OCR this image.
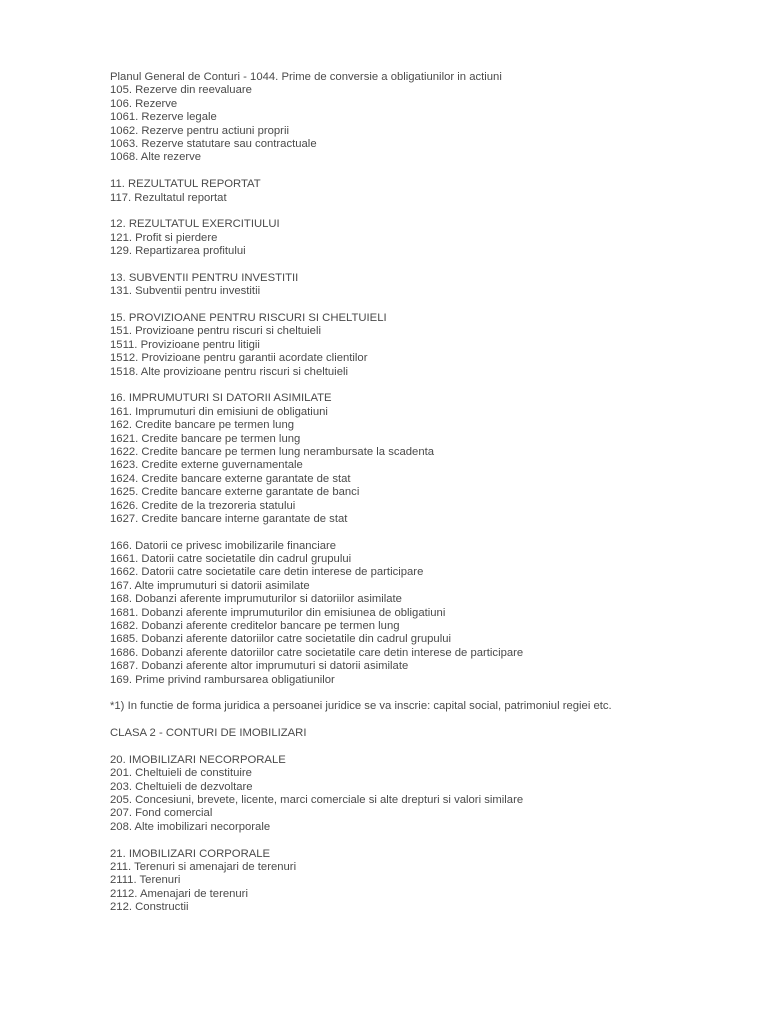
Planul General de Conturi - 1044. Prime de conversie a obligatiunilor in actiuni
105. Rezerve din reevaluare
106. Rezerve
1061. Rezerve legale
1062. Rezerve pentru actiuni proprii
1063. Rezerve statutare sau contractuale
1068. Alte rezerve
11. REZULTATUL REPORTAT
117. Rezultatul reportat
12. REZULTATUL EXERCITIULUI
121. Profit si pierdere
129. Repartizarea profitului
13. SUBVENTII PENTRU INVESTITII
131. Subventii pentru investitii
15. PROVIZIOANE PENTRU RISCURI SI CHELTUIELI
151. Provizioane pentru riscuri si cheltuieli
1511. Provizioane pentru litigii
1512. Provizioane pentru garantii acordate clientilor
1518. Alte provizioane pentru riscuri si cheltuieli
16. IMPRUMUTURI SI DATORII ASIMILATE
161. Imprumuturi din emisiuni de obligatiuni
162. Credite bancare pe termen lung
1621. Credite bancare pe termen lung
1622. Credite bancare pe termen lung nerambursate la scadenta
1623. Credite externe guvernamentale
1624. Credite bancare externe garantate de stat
1625. Credite bancare externe garantate de banci
1626. Credite de la trezoreria statului
1627. Credite bancare interne garantate de stat
166. Datorii ce privesc imobilizarile financiare
1661. Datorii catre societatile din cadrul grupului
1662. Datorii catre societatile care detin interese de participare
167. Alte imprumuturi si datorii asimilate
168. Dobanzi aferente imprumuturilor si datoriilor asimilate
1681. Dobanzi aferente imprumuturilor din emisiunea de obligatiuni
1682. Dobanzi aferente creditelor bancare pe termen lung
1685. Dobanzi aferente datoriilor catre societatile din cadrul grupului
1686. Dobanzi aferente datoriilor catre societatile care detin interese de participare
1687. Dobanzi aferente altor imprumuturi si datorii asimilate
169. Prime privind rambursarea obligatiunilor
*1) In functie de forma juridica a persoanei juridice se va inscrie: capital social, patrimoniul regiei etc.
CLASA 2 - CONTURI DE IMOBILIZARI
20. IMOBILIZARI NECORPORALE
201. Cheltuieli de constituire
203. Cheltuieli de dezvoltare
205. Concesiuni, brevete, licente, marci comerciale si alte drepturi si valori similare
207. Fond comercial
208. Alte imobilizari necorporale
21. IMOBILIZARI CORPORALE
211. Terenuri si amenajari de terenuri
2111. Terenuri
2112. Amenajari de terenuri
212. Constructii
